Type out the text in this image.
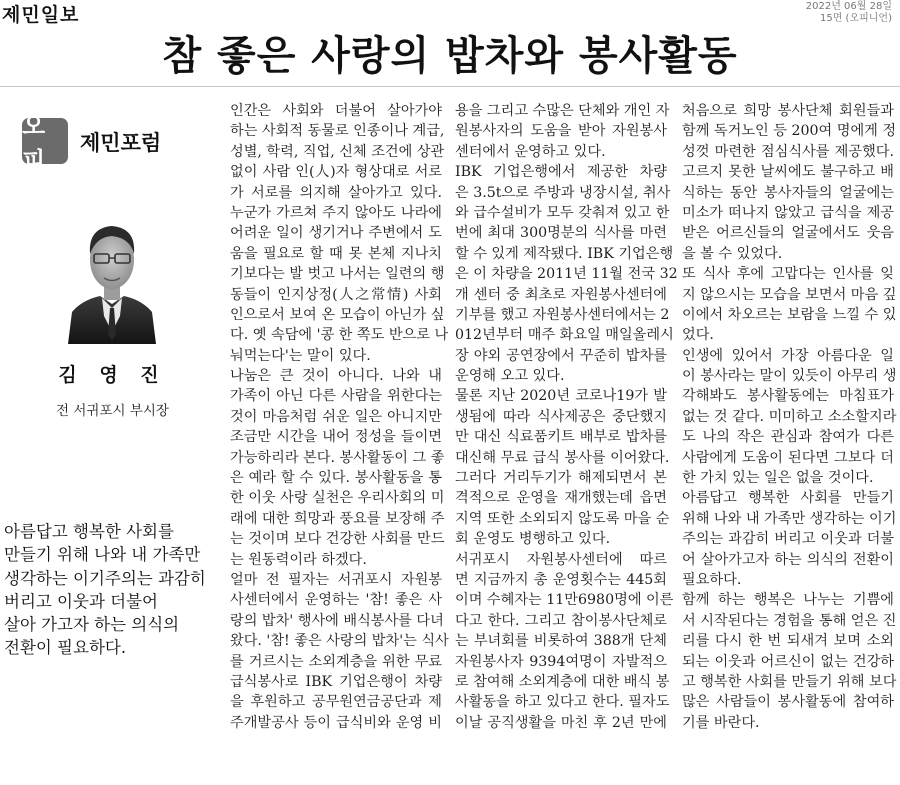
제민일보	2022년 06월 28일
15면 (오피니언)
참 좋은 사랑의 밥차와 봉사활동
오피
제민포럼
김 영 진
전 서귀포시 부시장
아름답고 행복한 사회를
만들기 위해 나와 내 가족만
생각하는 이기주의는 과감히
버리고 이웃과 더불어
살아 가고자 하는 의식의
전환이 필요하다.
인간은 사회와 더불어 살아가야
하는 사회적 동물로 인종이나 계급,
성별, 학력, 직업, 신체 조건에 상관
없이 사람 인(人)자 형상대로 서로
가 서로를 의지해 살아가고 있다.
누군가 가르쳐 주지 않아도 나라에
어려운 일이 생기거나 주변에서 도
움을 필요로 할 때 못 본체 지나치
기보다는 발 벗고 나서는 일련의 행
동들이 인지상정(人之常情) 사회
인으로서 보여 온 모습이 아닌가 싶
다. 옛 속담에 '콩 한 쪽도 반으로 나
눠먹는다'는 말이 있다.
나눔은 큰 것이 아니다. 나와 내
가족이 아닌 다른 사람을 위한다는
것이 마음처럼 쉬운 일은 아니지만
조금만 시간을 내어 정성을 들이면
가능하리라 본다. 봉사활동이 그 좋
은 예라 할 수 있다. 봉사활동을 통
한 이웃 사랑 실천은 우리사회의 미
래에 대한 희망과 풍요를 보장해 주
는 것이며 보다 건강한 사회를 만드
는 원동력이라 하겠다.
얼마 전 필자는 서귀포시 자원봉
사센터에서 운영하는 '참! 좋은 사
랑의 밥차' 행사에 배식봉사를 다녀
왔다. '참! 좋은 사랑의 밥차'는 식사
를 거르시는 소외계층을 위한 무료
급식봉사로 IBK 기업은행이 차량
을 후원하고 공무원연금공단과 제
주개발공사 등이 급식비와 운영 비
용을 그리고 수많은 단체와 개인 자
원봉사자의 도움을 받아 자원봉사
센터에서 운영하고 있다.
IBK 기업은행에서 제공한 차량
은 3.5t으로 주방과 냉장시설, 취사
와 급수설비가 모두 갖춰져 있고 한
번에 최대 300명분의 식사를 마련
할 수 있게 제작됐다. IBK 기업은행
은 이 차량을 2011년 11월 전국 32
개 센터 중 최초로 자원봉사센터에
기부를 했고 자원봉사센터에서는 2
012년부터 매주 화요일 매일올레시
장 야외 공연장에서 꾸준히 밥차를
운영해 오고 있다.
물론 지난 2020년 코로나19가 발
생됨에 따라 식사제공은 중단했지
만 대신 식료품키트 배부로 밥차를
대신해 무료 급식 봉사를 이어왔다.
그러다 거리두기가 해제되면서 본
격적으로 운영을 재개했는데 읍면
지역 또한 소외되지 않도록 마을 순
회 운영도 병행하고 있다.
서귀포시 자원봉사센터에 따르
면 지금까지 총 운영횟수는 445회
이며 수혜자는 11만6980명에 이른
다고 한다. 그리고 참이봉사단체로
는 부녀회를 비롯하여 388개 단체
자원봉사자 9394여명이 자발적으
로 참여해 소외계층에 대한 배식 봉
사활동을 하고 있다고 한다. 필자도
이날 공직생활을 마친 후 2년 만에
처음으로 희망 봉사단체 회원들과
함께 독거노인 등 200여 명에게 정
성껏 마련한 점심식사를 제공했다.
고르지 못한 날씨에도 불구하고 배
식하는 동안 봉사자들의 얼굴에는
미소가 떠나지 않았고 급식을 제공
받은 어르신들의 얼굴에서도 웃음
을 볼 수 있었다.
또 식사 후에 고맙다는 인사를 잊
지 않으시는 모습을 보면서 마음 깊
이에서 차오르는 보람을 느낄 수 있
었다.
인생에 있어서 가장 아름다운 일
이 봉사라는 말이 있듯이 아무리 생
각해봐도 봉사활동에는 마침표가
없는 것 같다. 미미하고 소소할지라
도 나의 작은 관심과 참여가 다른
사람에게 도움이 된다면 그보다 더
한 가치 있는 일은 없을 것이다.
아름답고 행복한 사회를 만들기
위해 나와 내 가족만 생각하는 이기
주의는 과감히 버리고 이웃과 더불
어 살아가고자 하는 의식의 전환이
필요하다.
함께 하는 행복은 나누는 기쁨에
서 시작된다는 경험을 통해 얻은 진
리를 다시 한 번 되새겨 보며 소외
되는 이웃과 어르신이 없는 건강하
고 행복한 사회를 만들기 위해 보다
많은 사람들이 봉사활동에 참여하
기를 바란다.
